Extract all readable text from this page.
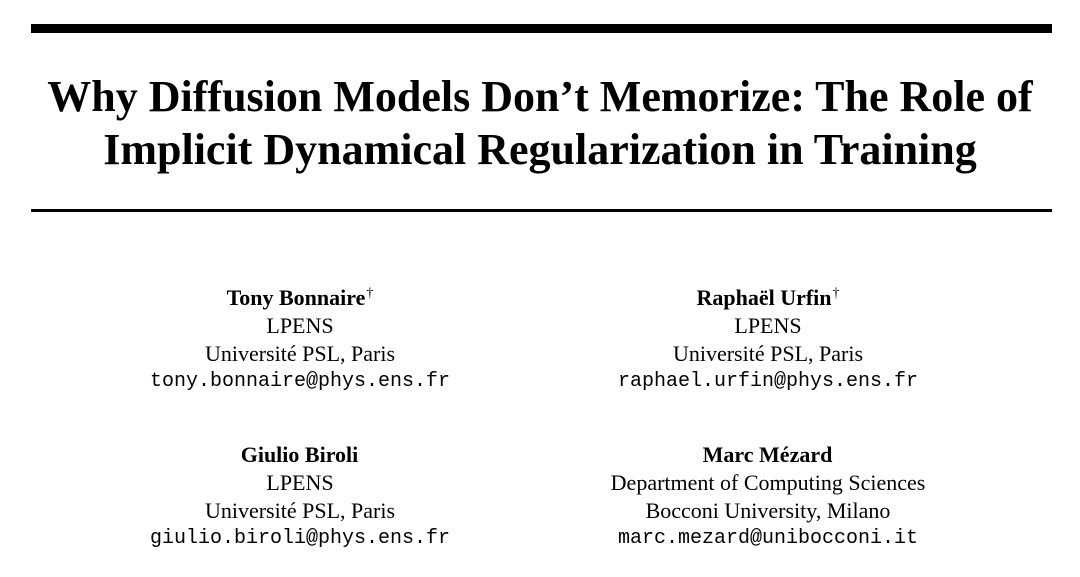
Why Diffusion Models Don’t Memorize: The Role of
Implicit Dynamical Regularization in Training
Tony Bonnaire†
LPENS
Université PSL, Paris
tony.bonnaire@phys.ens.fr
Raphaël Urfin†
LPENS
Université PSL, Paris
raphael.urfin@phys.ens.fr
Giulio Biroli
LPENS
Université PSL, Paris
giulio.biroli@phys.ens.fr
Marc Mézard
Department of Computing Sciences
Bocconi University, Milano
marc.mezard@unibocconi.it
